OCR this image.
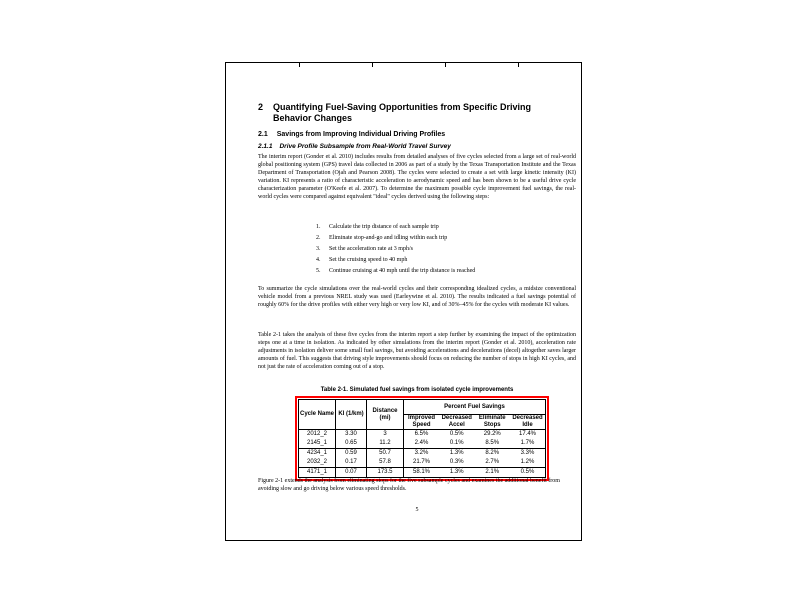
2 Quantifying Fuel-Saving Opportunities from Specific Driving Behavior Changes
2.1 Savings from Improving Individual Driving Profiles
2.1.1 Drive Profile Subsample from Real-World Travel Survey
The interim report (Gonder et al. 2010) includes results from detailed analyses of five cycles selected from a large set of real-world global positioning system (GPS) travel data collected in 2006 as part of a study by the Texas Transportation Institute and the Texas Department of Transportation (Ojah and Pearson 2008). The cycles were selected to create a set with large kinetic intensity (KI) variation. KI represents a ratio of characteristic acceleration to aerodynamic speed and has been shown to be a useful drive cycle characterization parameter (O'Keefe et al. 2007). To determine the maximum possible cycle improvement fuel savings, the real-world cycles were compared against equivalent "ideal" cycles derived using the following steps:
1.	Calculate the trip distance of each sample trip
2.	Eliminate stop-and-go and idling within each trip
3.	Set the acceleration rate at 3 mph/s
4.	Set the cruising speed to 40 mph
5.	Continue cruising at 40 mph until the trip distance is reached
To summarize the cycle simulations over the real-world cycles and their corresponding idealized cycles, a midsize conventional vehicle model from a previous NREL study was used (Earleywine et al. 2010). The results indicated a fuel savings potential of roughly 60% for the drive profiles with either very high or very low KI, and of 30%–45% for the cycles with moderate KI values.
Table 2-1 takes the analysis of these five cycles from the interim report a step further by examining the impact of the optimization steps one at a time in isolation. As indicated by other simulations from the interim report (Gonder et al. 2010), acceleration rate adjustments in isolation deliver some small fuel savings, but avoiding accelerations and decelerations (decel) altogether saves larger amounts of fuel. This suggests that driving style improvements should focus on reducing the number of stops in high KI cycles, and not just the rate of acceleration coming out of a stop.
Table 2-1. Simulated fuel savings from isolated cycle improvements
Cycle Name	KI (1/km)	Distance (mi)	Percent Fuel Savings			
			Improved Speed	Decreased Accel	Eliminate Stops	Decreased Idle
2012_2	3.30	3	6.5%	0.5%	29.2%	17.4%
2145_1	0.65	11.2	2.4%	0.1%	8.5%	1.7%
4234_1	0.59	50.7	3.2%	1.3%	8.2%	3.3%
2032_2	0.17	57.8	21.7%	0.3%	2.7%	1.2%
4171_1	0.07	173.5	58.1%	1.3%	2.1%	0.5%
Figure 2-1 extends the analysis from eliminating stops for the five subsample cycles and examines the additional benefit from avoiding slow and go driving below various speed thresholds.
5
